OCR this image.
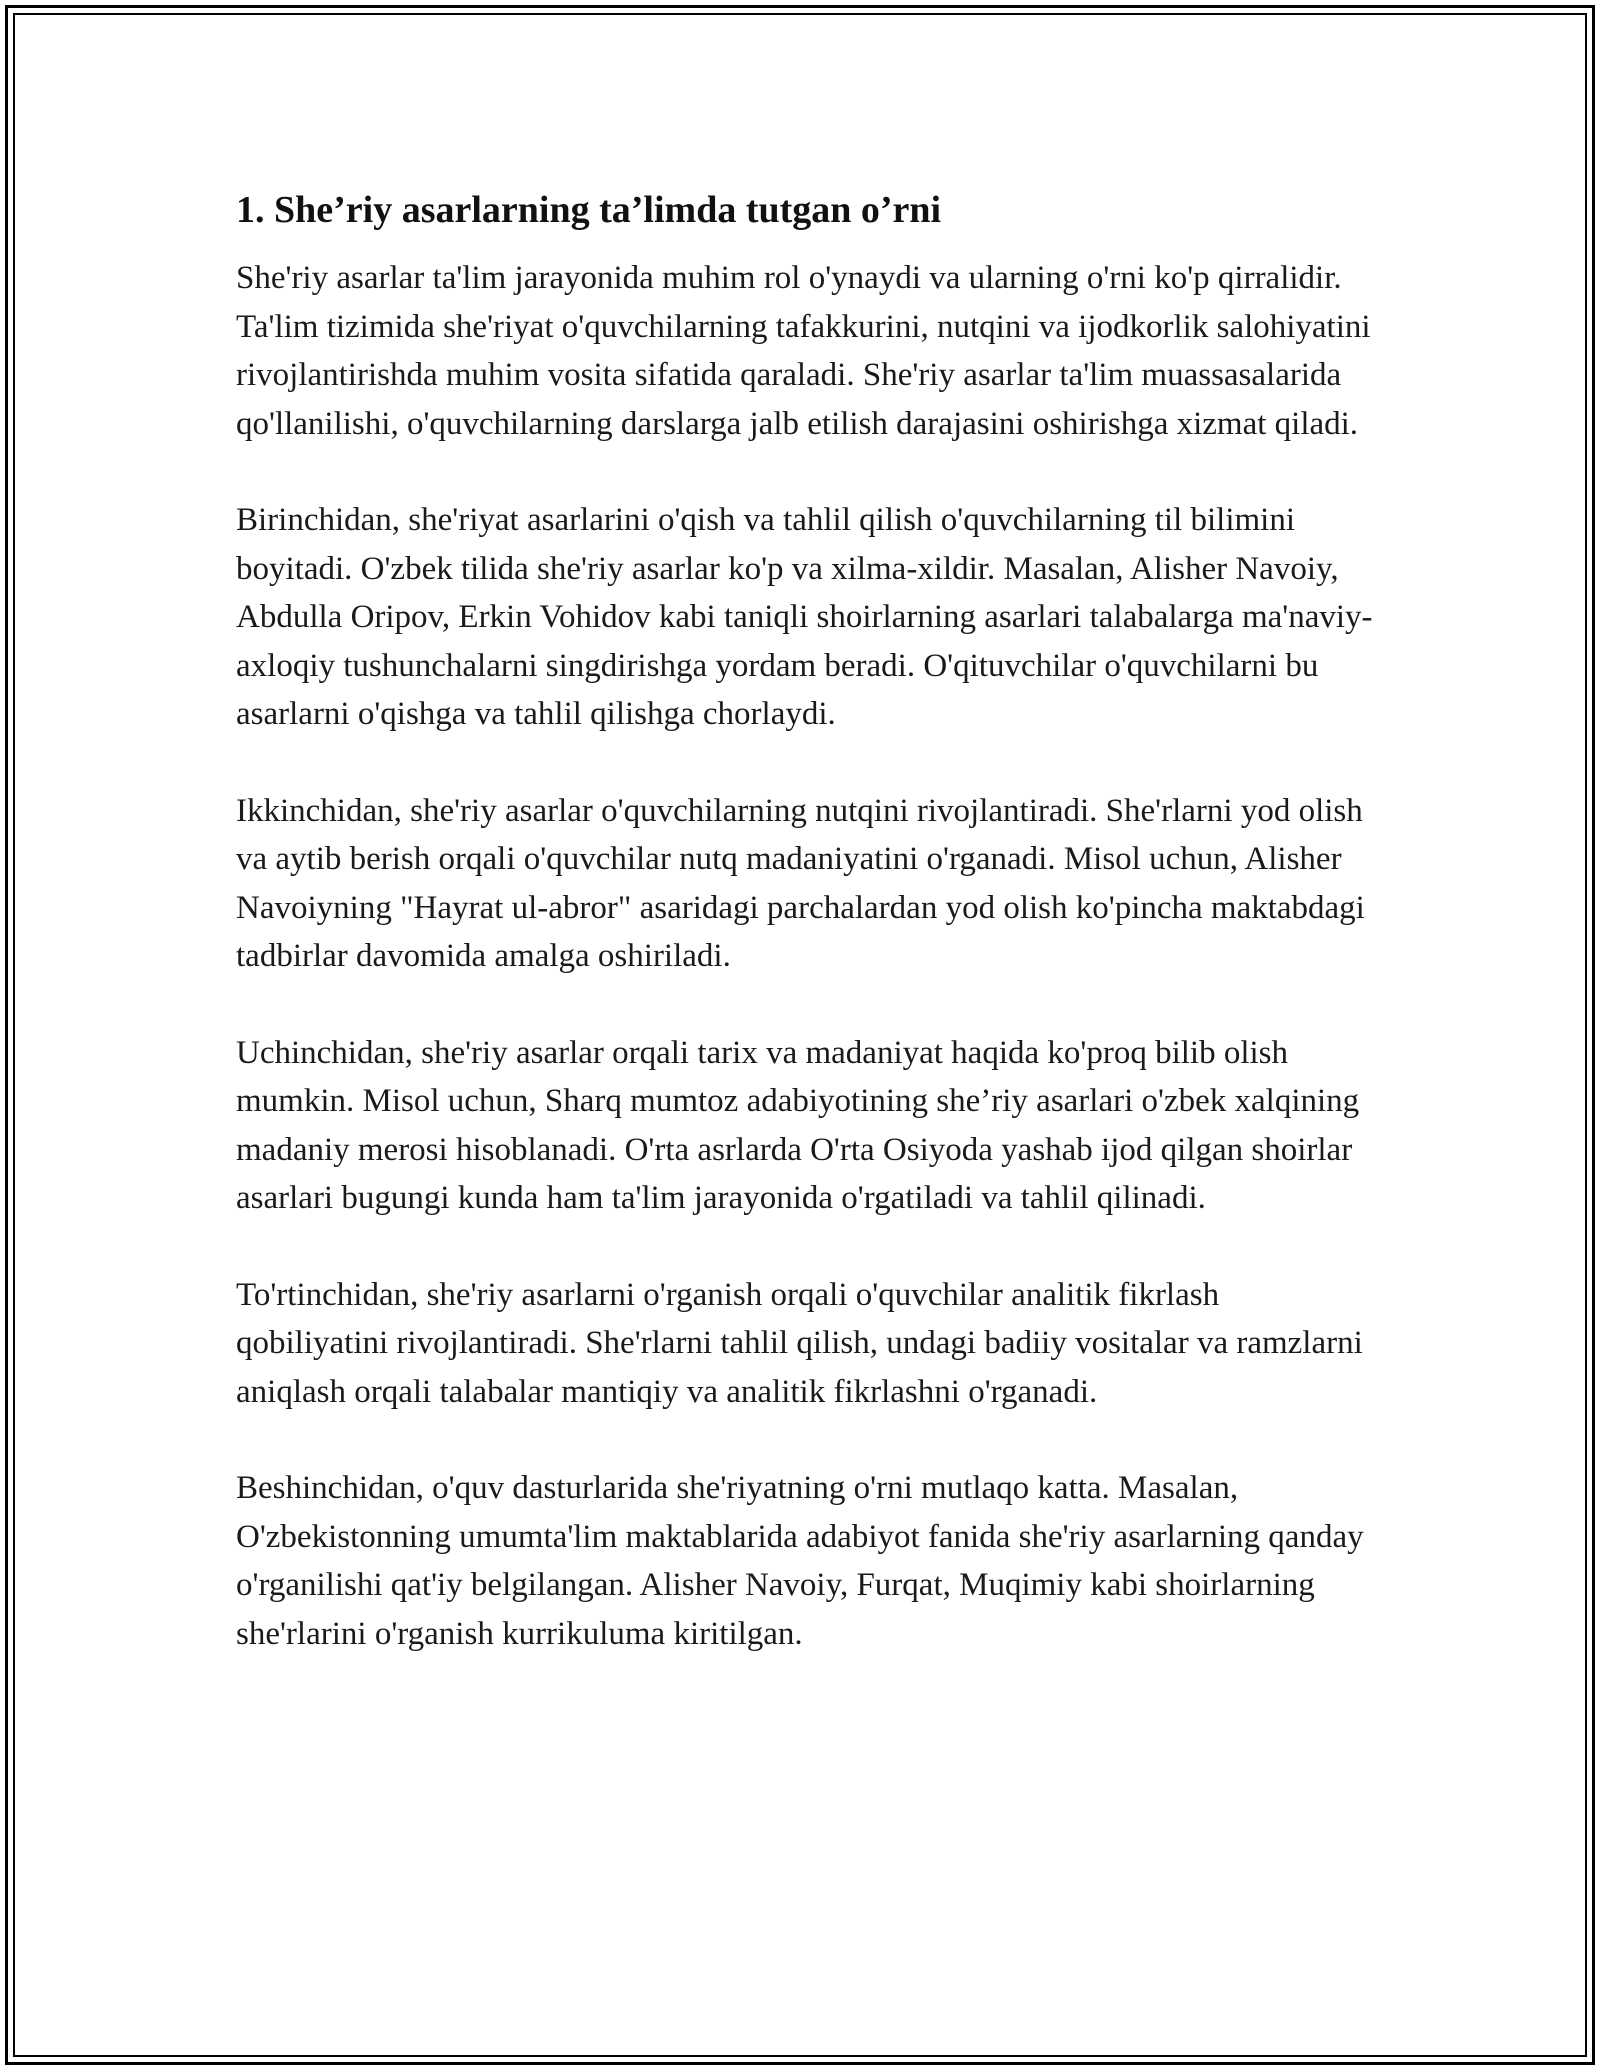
1. She’riy asarlarning ta’limda tutgan o’rni

She'riy asarlar ta'lim jarayonida muhim rol o'ynaydi va ularning o'rni ko'p qirralidir. Ta'lim tizimida she'riyat o'quvchilarning tafakkurini, nutqini va ijodkorlik salohiyatini rivojlantirishda muhim vosita sifatida qaraladi. She'riy asarlar ta'lim muassasalarida qo'llanilishi, o'quvchilarning darslarga jalb etilish darajasini oshirishga xizmat qiladi.

Birinchidan, she'riyat asarlarini o'qish va tahlil qilish o'quvchilarning til bilimini boyitadi. O'zbek tilida she'riy asarlar ko'p va xilma-xildir. Masalan, Alisher Navoiy, Abdulla Oripov, Erkin Vohidov kabi taniqli shoirlarning asarlari talabalarga ma'naviy-axloqiy tushunchalarni singdirishga yordam beradi. O'qituvchilar o'quvchilarni bu asarlarni o'qishga va tahlil qilishga chorlaydi.

Ikkinchidan, she'riy asarlar o'quvchilarning nutqini rivojlantiradi. She'rlarni yod olish va aytib berish orqali o'quvchilar nutq madaniyatini o'rganadi. Misol uchun, Alisher Navoiyning "Hayrat ul-abror" asaridagi parchalardan yod olish ko'pincha maktabdagi tadbirlar davomida amalga oshiriladi.

Uchinchidan, she'riy asarlar orqali tarix va madaniyat haqida ko'proq bilib olish mumkin. Misol uchun, Sharq mumtoz adabiyotining she’riy asarlari o'zbek xalqining madaniy merosi hisoblanadi. O'rta asrlarda O'rta Osiyoda yashab ijod qilgan shoirlar asarlari bugungi kunda ham ta'lim jarayonida o'rgatiladi va tahlil qilinadi.

To'rtinchidan, she'riy asarlarni o'rganish orqali o'quvchilar analitik fikrlash qobiliyatini rivojlantiradi. She'rlarni tahlil qilish, undagi badiiy vositalar va ramzlarni aniqlash orqali talabalar mantiqiy va analitik fikrlashni o'rganadi.

Beshinchidan, o'quv dasturlarida she'riyatning o'rni mutlaqo katta. Masalan, O'zbekistonning umumta'lim maktablarida adabiyot fanida she'riy asarlarning qanday o'rganilishi qat'iy belgilangan. Alisher Navoiy, Furqat, Muqimiy kabi shoirlarning she'rlarini o'rganish kurrikuluma kiritilgan.
